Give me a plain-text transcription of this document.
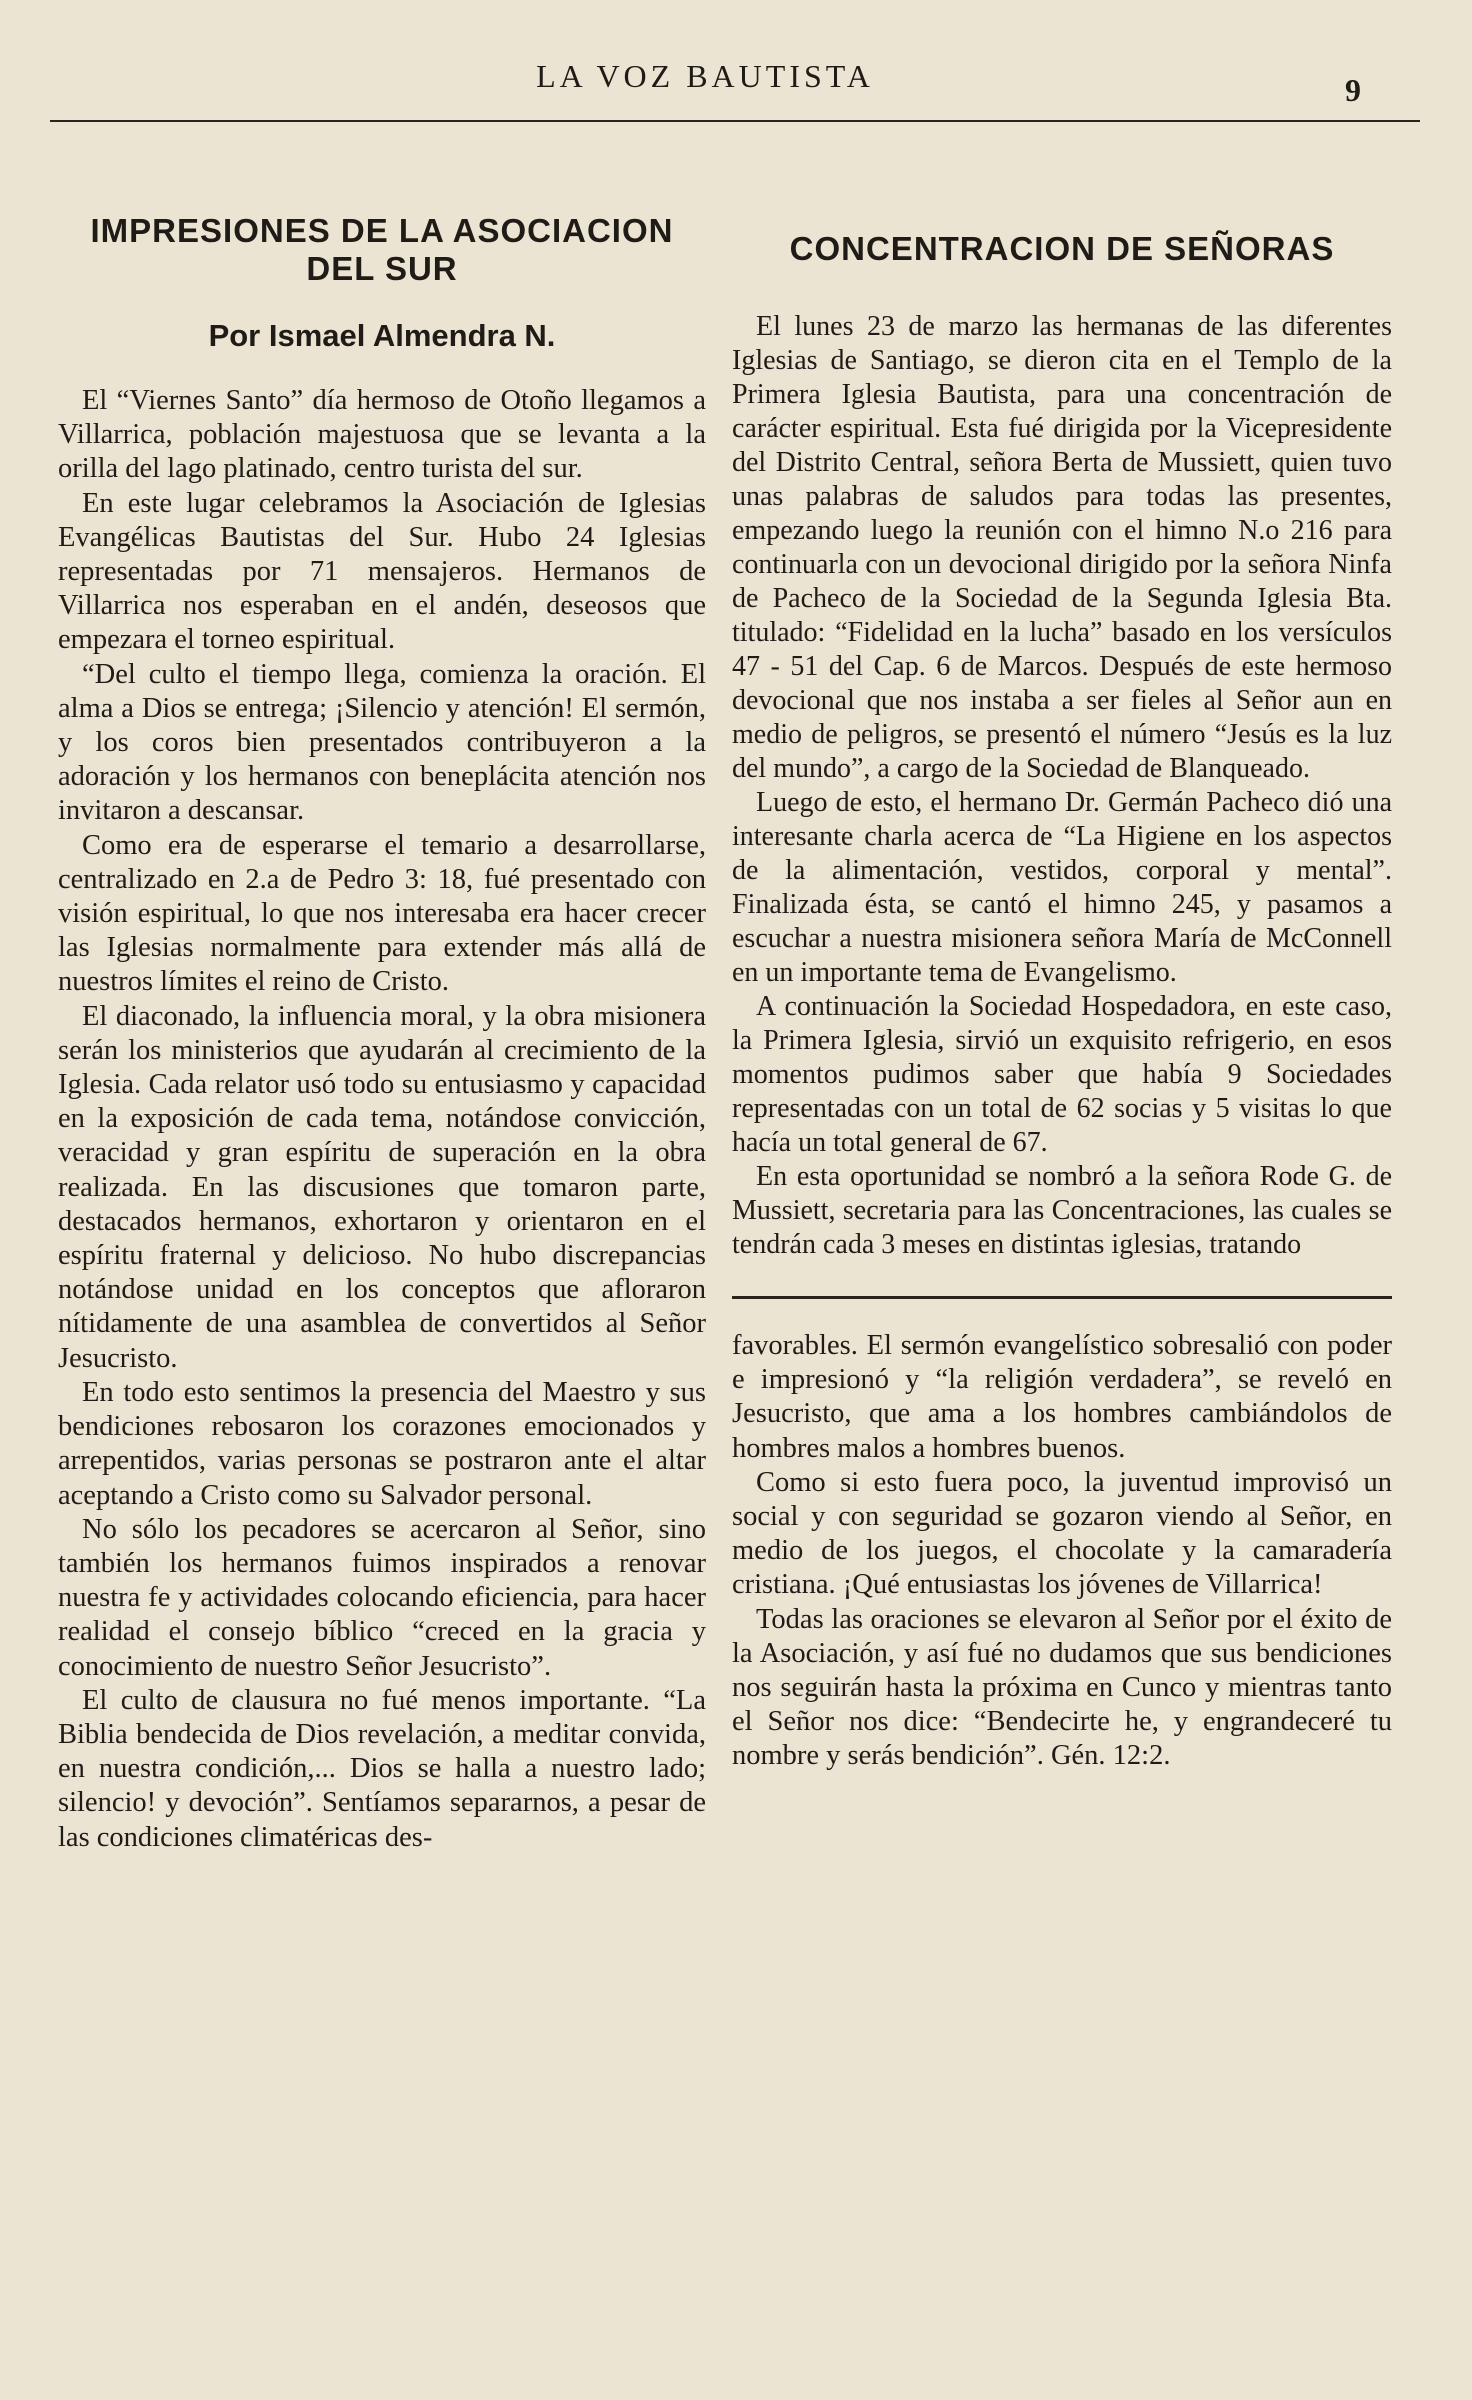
LA VOZ BAUTISTA	9
IMPRESIONES DE LA ASOCIACION DEL SUR
Por Ismael Almendra N.

El “Viernes Santo” día hermoso de Otoño llegamos a Villarrica, población majestuosa que se levanta a la orilla del lago platinado, centro turista del sur.

En este lugar celebramos la Asociación de Iglesias Evangélicas Bautistas del Sur. Hubo 24 Iglesias representadas por 71 mensajeros. Hermanos de Villarrica nos esperaban en el andén, deseosos que empezara el torneo espiritual.

“Del culto el tiempo llega, comienza la oración. El alma a Dios se entrega; ¡Silencio y atención! El sermón, y los coros bien presentados contribuyeron a la adoración y los hermanos con beneplácita atención nos invitaron a descansar.

Como era de esperarse el temario a desarrollarse, centralizado en 2.a de Pedro 3: 18, fué presentado con visión espiritual, lo que nos interesaba era hacer crecer las Iglesias normalmente para extender más allá de nuestros límites el reino de Cristo.

El diaconado, la influencia moral, y la obra misionera serán los ministerios que ayudarán al crecimiento de la Iglesia. Cada relator usó todo su entusiasmo y capacidad en la exposición de cada tema, notándose convicción, veracidad y gran espíritu de superación en la obra realizada. En las discusiones que tomaron parte, destacados hermanos, exhortaron y orientaron en el espíritu fraternal y delicioso. No hubo discrepancias notándose unidad en los conceptos que afloraron nítidamente de una asamblea de convertidos al Señor Jesucristo.

En todo esto sentimos la presencia del Maestro y sus bendiciones rebosaron los corazones emocionados y arrepentidos, varias personas se postraron ante el altar aceptando a Cristo como su Salvador personal.

No sólo los pecadores se acercaron al Señor, sino también los hermanos fuimos inspirados a renovar nuestra fe y actividades colocando eficiencia, para hacer realidad el consejo bíblico “creced en la gracia y conocimiento de nuestro Señor Jesucristo”.

El culto de clausura no fué menos importante. “La Biblia bendecida de Dios revelación, a meditar convida, en nuestra condición,... Dios se halla a nuestro lado; silencio! y devoción”. Sentíamos separarnos, a pesar de las condiciones climatéricas des-

CONCENTRACION DE SEÑORAS

El lunes 23 de marzo las hermanas de las diferentes Iglesias de Santiago, se dieron cita en el Templo de la Primera Iglesia Bautista, para una concentración de carácter espiritual. Esta fué dirigida por la Vicepresidente del Distrito Central, señora Berta de Mussiett, quien tuvo unas palabras de saludos para todas las presentes, empezando luego la reunión con el himno N.o 216 para continuarla con un devocional dirigido por la señora Ninfa de Pacheco de la Sociedad de la Segunda Iglesia Bta. titulado: “Fidelidad en la lucha” basado en los versículos 47 - 51 del Cap. 6 de Marcos. Después de este hermoso devocional que nos instaba a ser fieles al Señor aun en medio de peligros, se presentó el número “Jesús es la luz del mundo”, a cargo de la Sociedad de Blanqueado.

Luego de esto, el hermano Dr. Germán Pacheco dió una interesante charla acerca de “La Higiene en los aspectos de la alimentación, vestidos, corporal y mental”. Finalizada ésta, se cantó el himno 245, y pasamos a escuchar a nuestra misionera señora María de McConnell en un importante tema de Evangelismo.

A continuación la Sociedad Hospedadora, en este caso, la Primera Iglesia, sirvió un exquisito refrigerio, en esos momentos pudimos saber que había 9 Sociedades representadas con un total de 62 socias y 5 visitas lo que hacía un total general de 67.

En esta oportunidad se nombró a la señora Rode G. de Mussiett, secretaria para las Concentraciones, las cuales se tendrán cada 3 meses en distintas iglesias, tratando

favorables. El sermón evangelístico sobresalió con poder e impresionó y “la religión verdadera”, se reveló en Jesucristo, que ama a los hombres cambiándolos de hombres malos a hombres buenos.

Como si esto fuera poco, la juventud improvisó un social y con seguridad se gozaron viendo al Señor, en medio de los juegos, el chocolate y la camaradería cristiana. ¡Qué entusiastas los jóvenes de Villarrica!

Todas las oraciones se elevaron al Señor por el éxito de la Asociación, y así fué no dudamos que sus bendiciones nos seguirán hasta la próxima en Cunco y mientras tanto el Señor nos dice: “Bendecirte he, y engrandeceré tu nombre y serás bendición”. Gén. 12:2.
